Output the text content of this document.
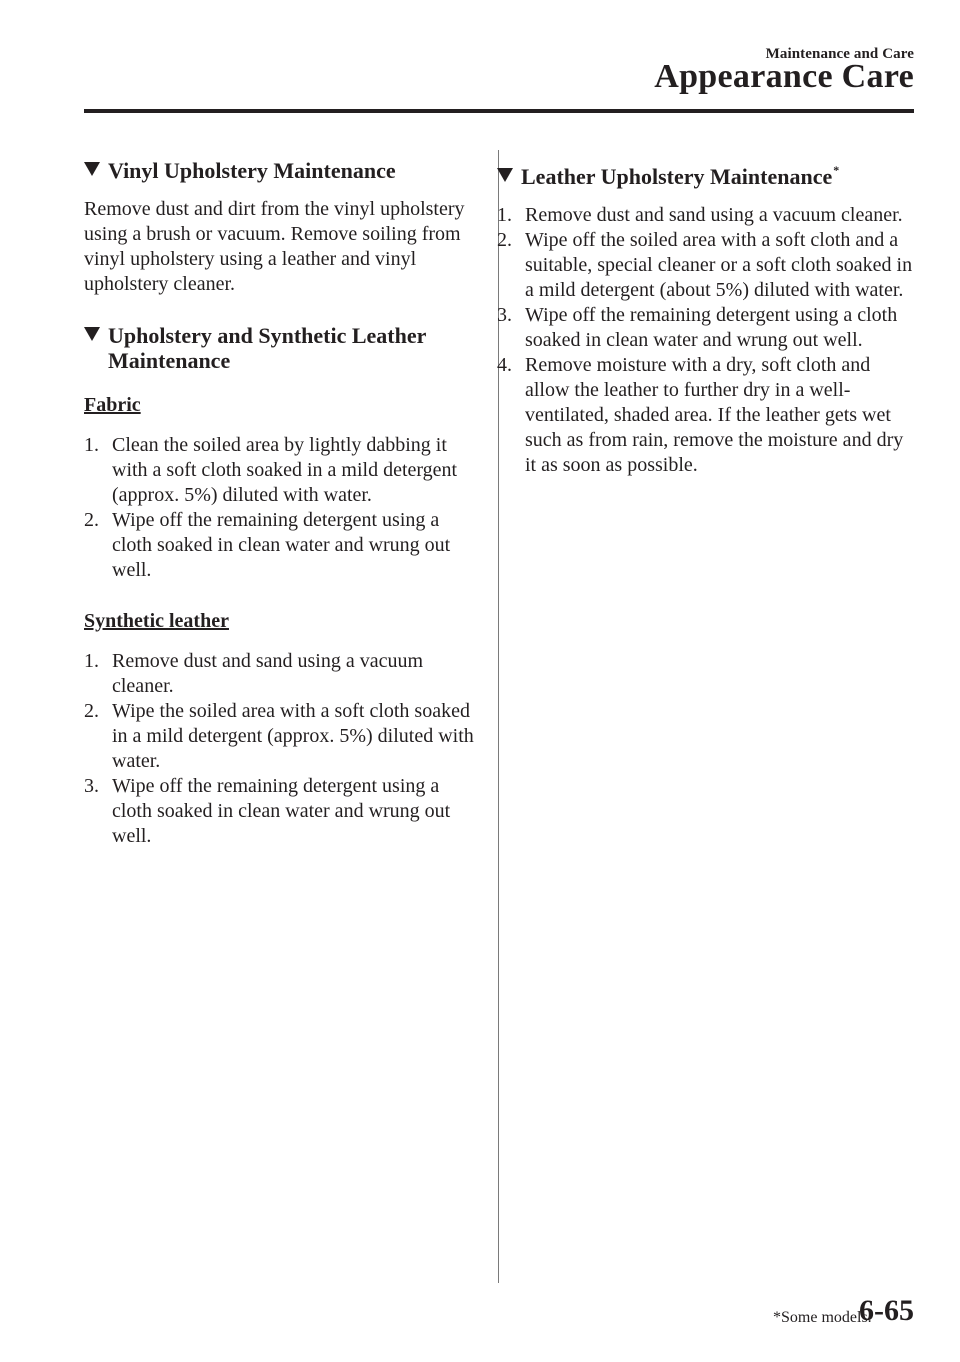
Maintenance and Care
Appearance Care
Vinyl Upholstery Maintenance

Remove dust and dirt from the vinyl upholstery using a brush or vacuum. Remove soiling from vinyl upholstery using a leather and vinyl upholstery cleaner.

Upholstery and Synthetic Leather Maintenance
Fabric
1. Clean the soiled area by lightly dabbing it with a soft cloth soaked in a mild detergent (approx. 5%) diluted with water.
2. Wipe off the remaining detergent using a cloth soaked in clean water and wrung out well.
Synthetic leather
1. Remove dust and sand using a vacuum cleaner.
2. Wipe the soiled area with a soft cloth soaked in a mild detergent (approx. 5%) diluted with water.
3. Wipe off the remaining detergent using a cloth soaked in clean water and wrung out well.
Leather Upholstery Maintenance*
1. Remove dust and sand using a vacuum cleaner.
2. Wipe off the soiled area with a soft cloth and a suitable, special cleaner or a soft cloth soaked in a mild detergent (about 5%) diluted with water.
3. Wipe off the remaining detergent using a cloth soaked in clean water and wrung out well.
4. Remove moisture with a dry, soft cloth and allow the leather to further dry in a well-ventilated, shaded area. If the leather gets wet such as from rain, remove the moisture and dry it as soon as possible.
*Some models.
6-65
